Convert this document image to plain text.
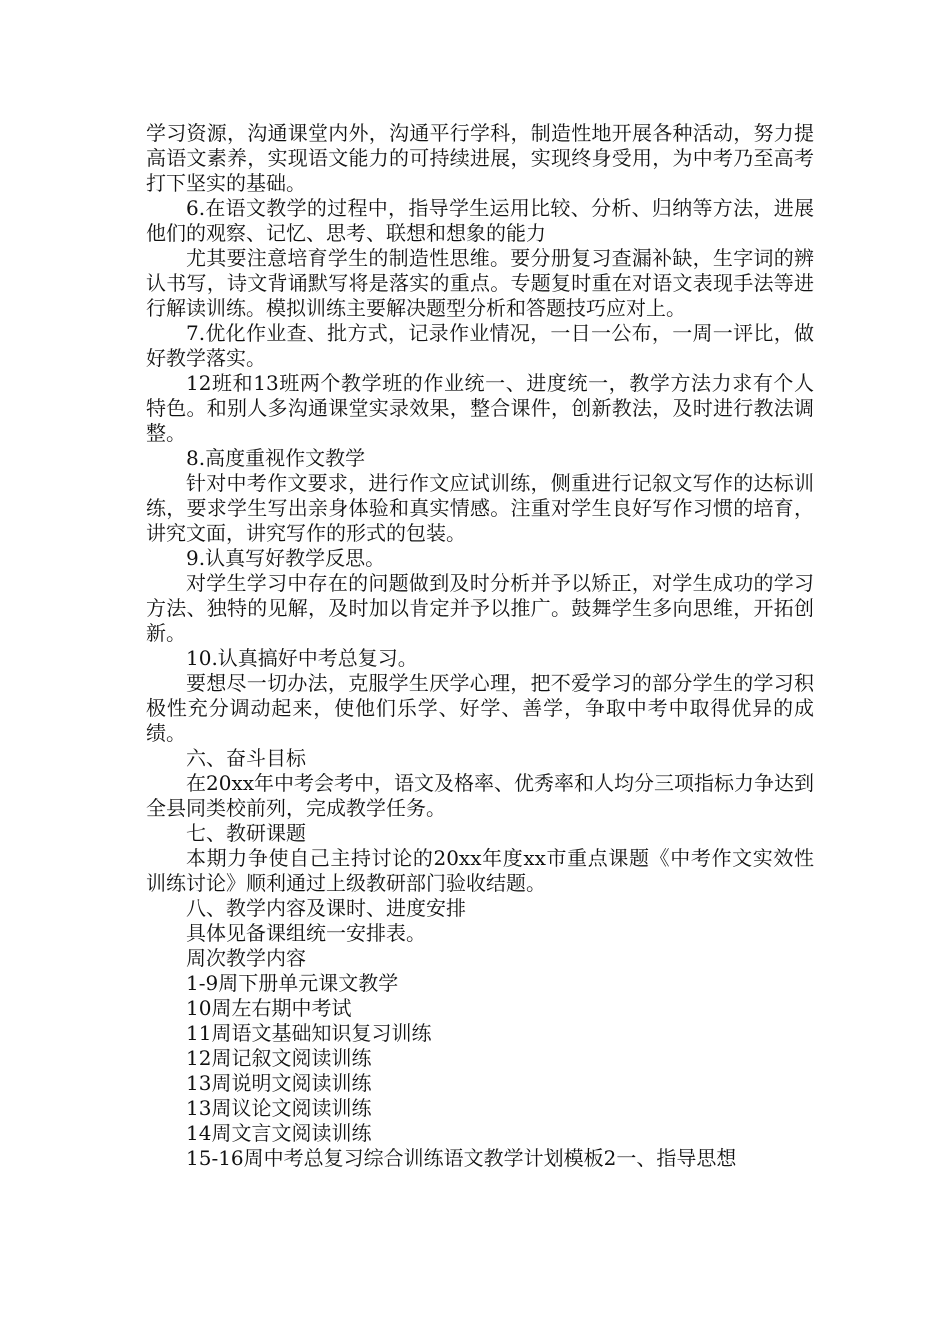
学习资源，沟通课堂内外，沟通平行学科，制造性地开展各种活动，努力提高语文素养，实现语文能力的可持续进展，实现终身受用，为中考乃至高考打下坚实的基础。

6.在语文教学的过程中，指导学生运用比较、分析、归纳等方法，进展他们的观察、记忆、思考、联想和想象的能力

尤其要注意培育学生的制造性思维。要分册复习查漏补缺，生字词的辨认书写，诗文背诵默写将是落实的重点。专题复时重在对语文表现手法等进行解读训练。模拟训练主要解决题型分析和答题技巧应对上。

7.优化作业查、批方式，记录作业情况，一日一公布，一周一评比，做好教学落实。

12班和13班两个教学班的作业统一、进度统一，教学方法力求有个人特色。和别人多沟通课堂实录效果，整合课件，创新教法，及时进行教法调整。

8.高度重视作文教学

针对中考作文要求，进行作文应试训练，侧重进行记叙文写作的达标训练，要求学生写出亲身体验和真实情感。注重对学生良好写作习惯的培育，讲究文面，讲究写作的形式的包装。

9.认真写好教学反思。

对学生学习中存在的问题做到及时分析并予以矫正，对学生成功的学习方法、独特的见解，及时加以肯定并予以推广。鼓舞学生多向思维，开拓创新。

10.认真搞好中考总复习。

要想尽一切办法，克服学生厌学心理，把不爱学习的部分学生的学习积极性充分调动起来，使他们乐学、好学、善学，争取中考中取得优异的成绩。

六、奋斗目标

在20xx年中考会考中，语文及格率、优秀率和人均分三项指标力争达到全县同类校前列，完成教学任务。

七、教研课题

本期力争使自己主持讨论的20xx年度xx市重点课题《中考作文实效性训练讨论》顺利通过上级教研部门验收结题。

八、教学内容及课时、进度安排

具体见备课组统一安排表。

周次教学内容

1-9周下册单元课文教学

10周左右期中考试

11周语文基础知识复习训练

12周记叙文阅读训练

13周说明文阅读训练

13周议论文阅读训练

14周文言文阅读训练

15-16周中考总复习综合训练语文教学计划模板2一、指导思想
